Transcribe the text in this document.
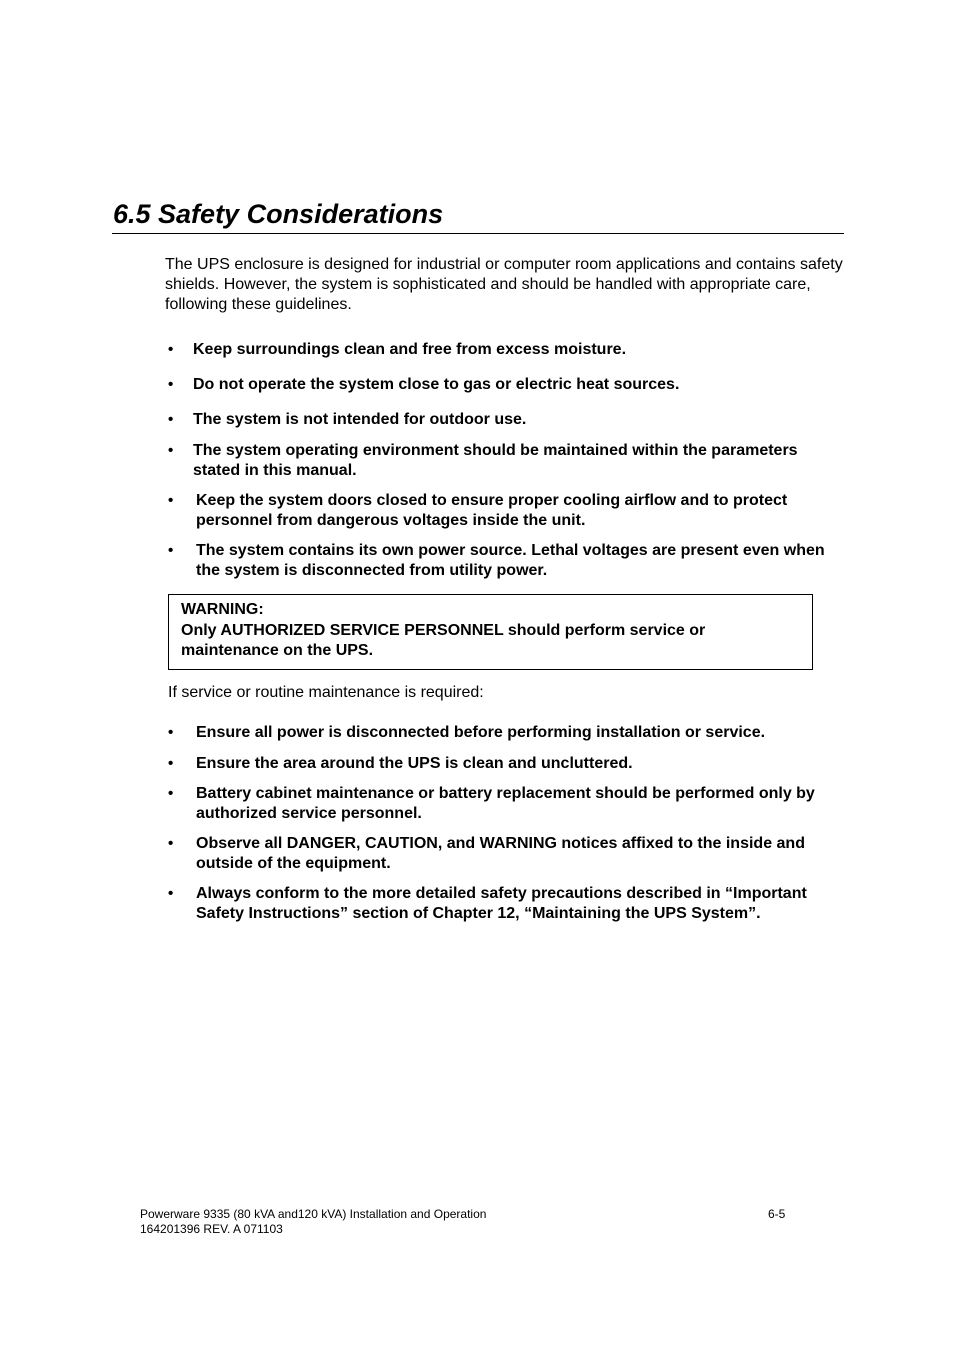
6.5 Safety Considerations

The UPS enclosure is designed for industrial or computer room applications and contains safety shields. However, the system is sophisticated and should be handled with appropriate care, following these guidelines.

• Keep surroundings clean and free from excess moisture.

• Do not operate the system close to gas or electric heat sources.

• The system is not intended for outdoor use.

• The system operating environment should be maintained within the parameters stated in this manual.

• Keep the system doors closed to ensure proper cooling airflow and to protect personnel from dangerous voltages inside the unit.

• The system contains its own power source. Lethal voltages are present even when the system is disconnected from utility power.

WARNING:

Only AUTHORIZED SERVICE PERSONNEL should perform service or maintenance on the UPS.

If service or routine maintenance is required:

• Ensure all power is disconnected before performing installation or service.

• Ensure the area around the UPS is clean and uncluttered.

• Battery cabinet maintenance or battery replacement should be performed only by authorized service personnel.

• Observe all DANGER, CAUTION, and WARNING notices affixed to the inside and outside of the equipment.

• Always conform to the more detailed safety precautions described in “Important Safety Instructions” section of Chapter 12, “Maintaining the UPS System”.

Powerware 9335 (80 kVA and120 kVA) Installation and Operation
164201396 REV. A 071103

6-5
